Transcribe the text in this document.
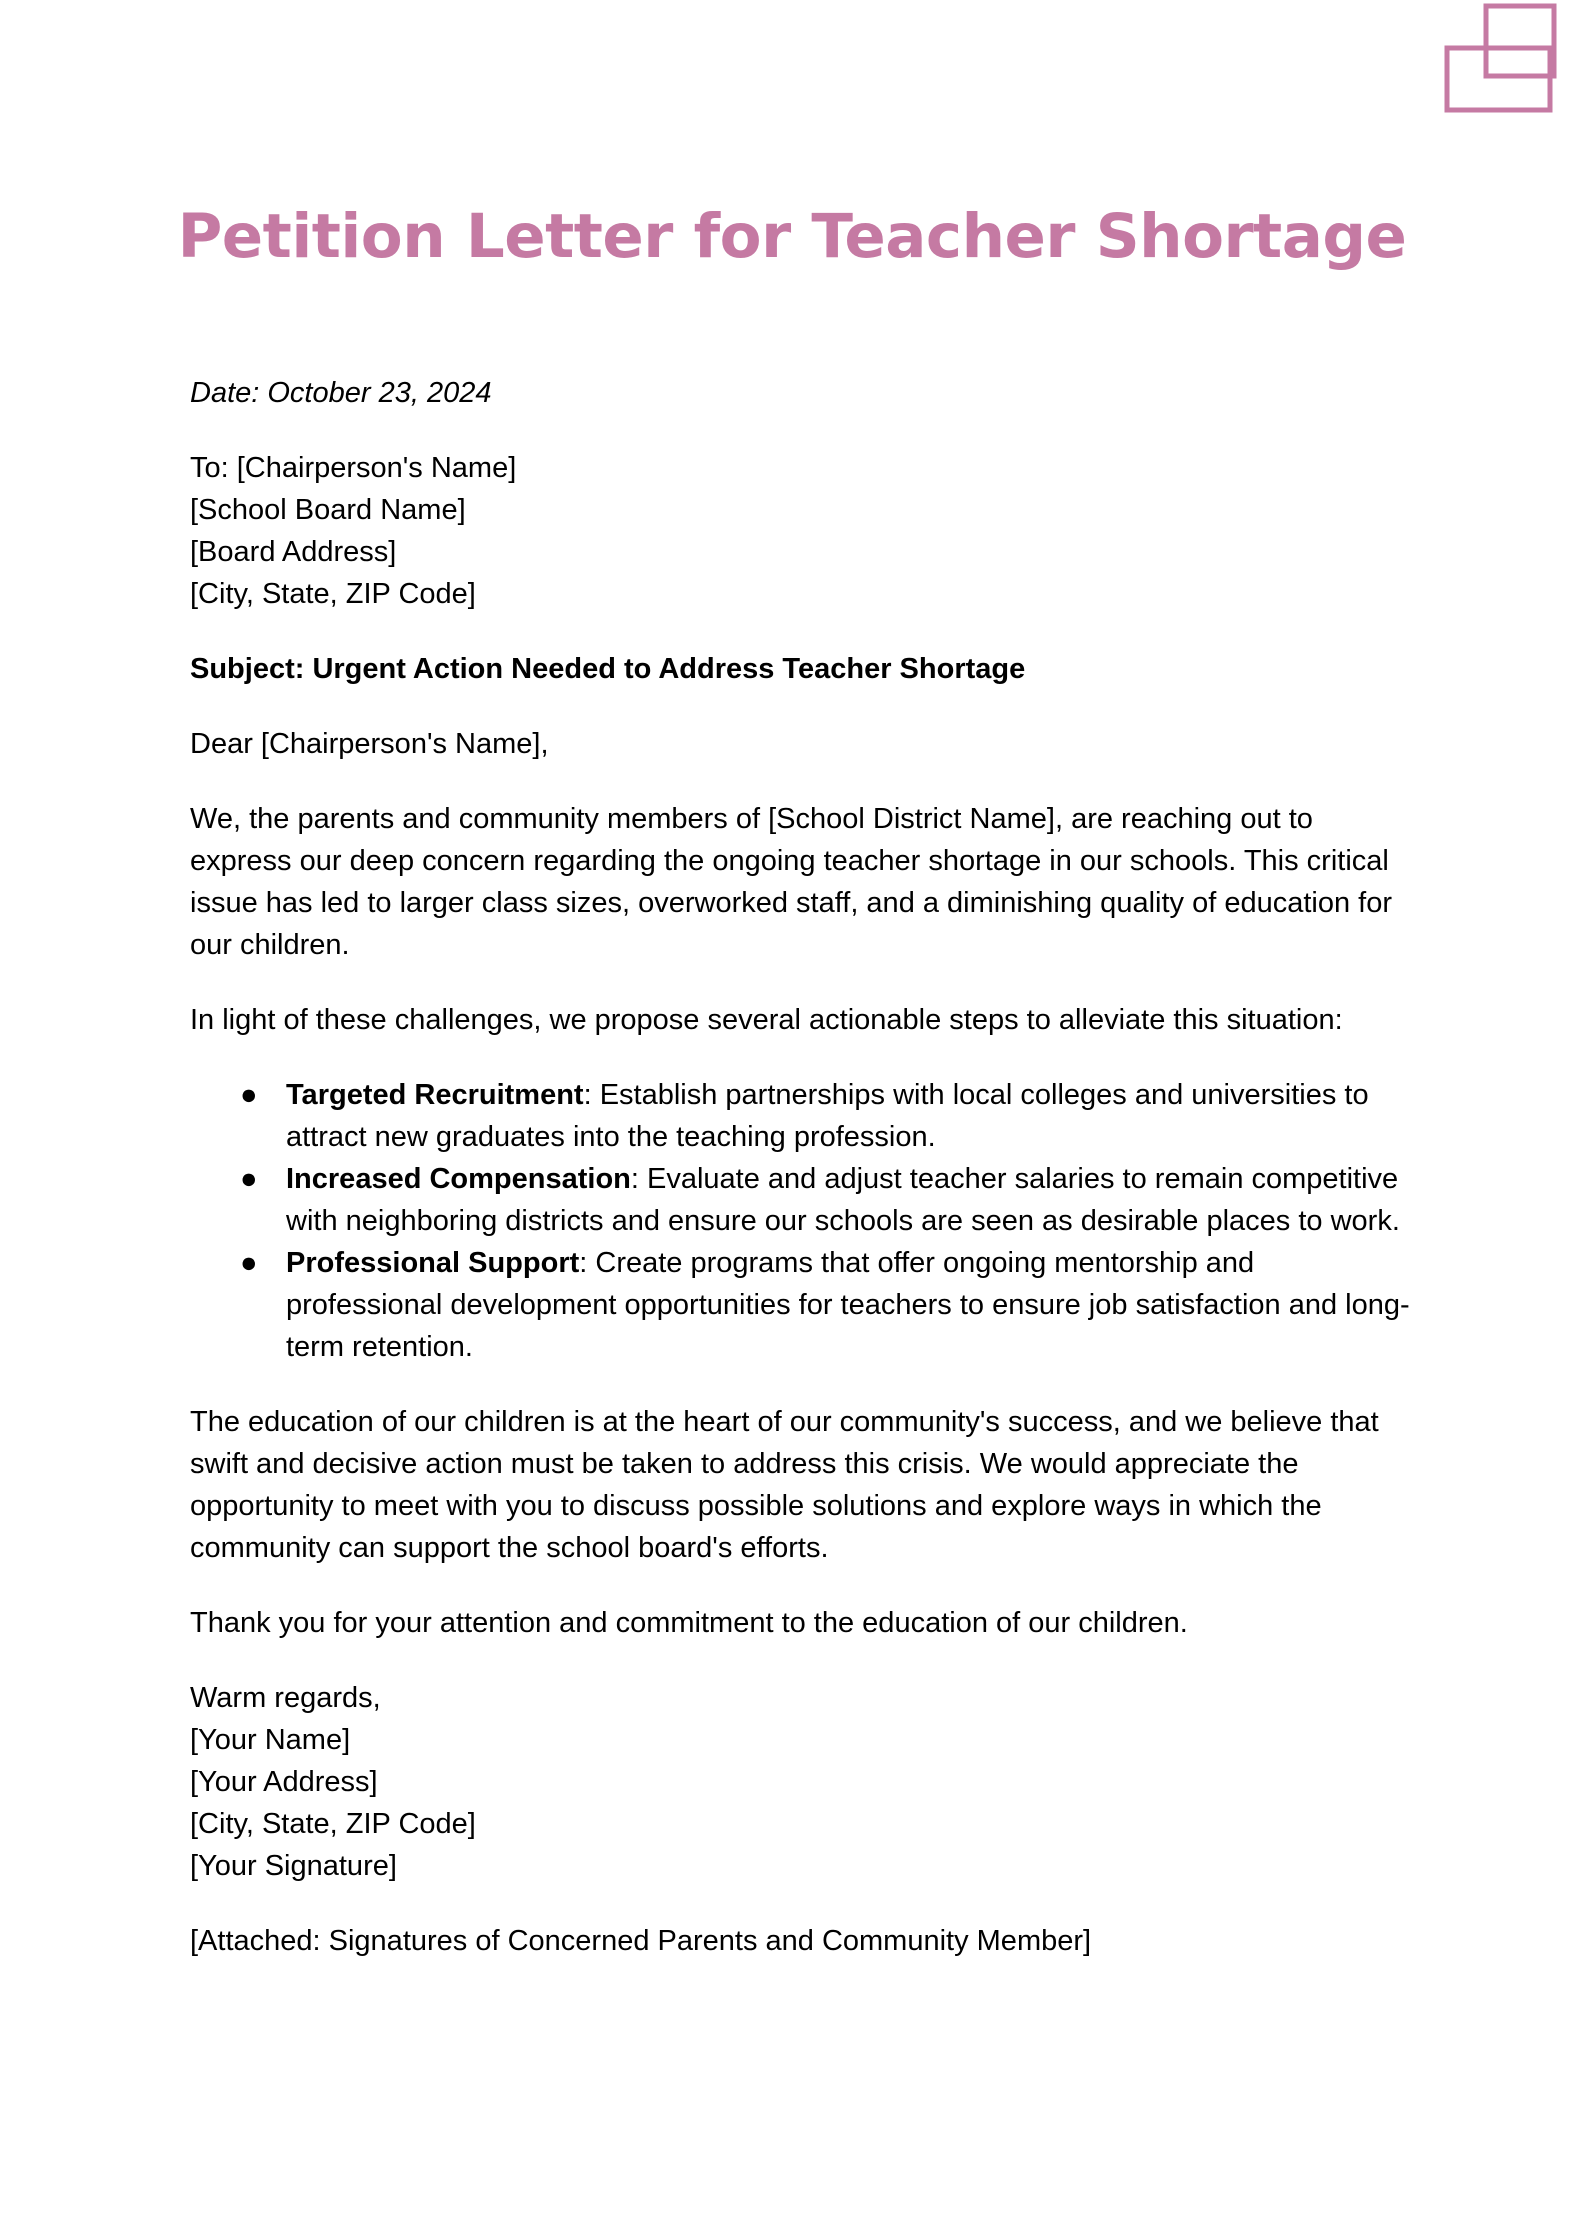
Petition Letter for Teacher Shortage

Date: October 23, 2024

To: [Chairperson's Name]
[School Board Name]
[Board Address]
[City, State, ZIP Code]

Subject: Urgent Action Needed to Address Teacher Shortage

Dear [Chairperson's Name],

We, the parents and community members of [School District Name], are reaching out to express our deep concern regarding the ongoing teacher shortage in our schools. This critical issue has led to larger class sizes, overworked staff, and a diminishing quality of education for our children.

In light of these challenges, we propose several actionable steps to alleviate this situation:

● Targeted Recruitment: Establish partnerships with local colleges and universities to attract new graduates into the teaching profession.
● Increased Compensation: Evaluate and adjust teacher salaries to remain competitive with neighboring districts and ensure our schools are seen as desirable places to work.
● Professional Support: Create programs that offer ongoing mentorship and professional development opportunities for teachers to ensure job satisfaction and long-term retention.

The education of our children is at the heart of our community's success, and we believe that swift and decisive action must be taken to address this crisis. We would appreciate the opportunity to meet with you to discuss possible solutions and explore ways in which the community can support the school board's efforts.

Thank you for your attention and commitment to the education of our children.

Warm regards,
[Your Name]
[Your Address]
[City, State, ZIP Code]
[Your Signature]

[Attached: Signatures of Concerned Parents and Community Member]
